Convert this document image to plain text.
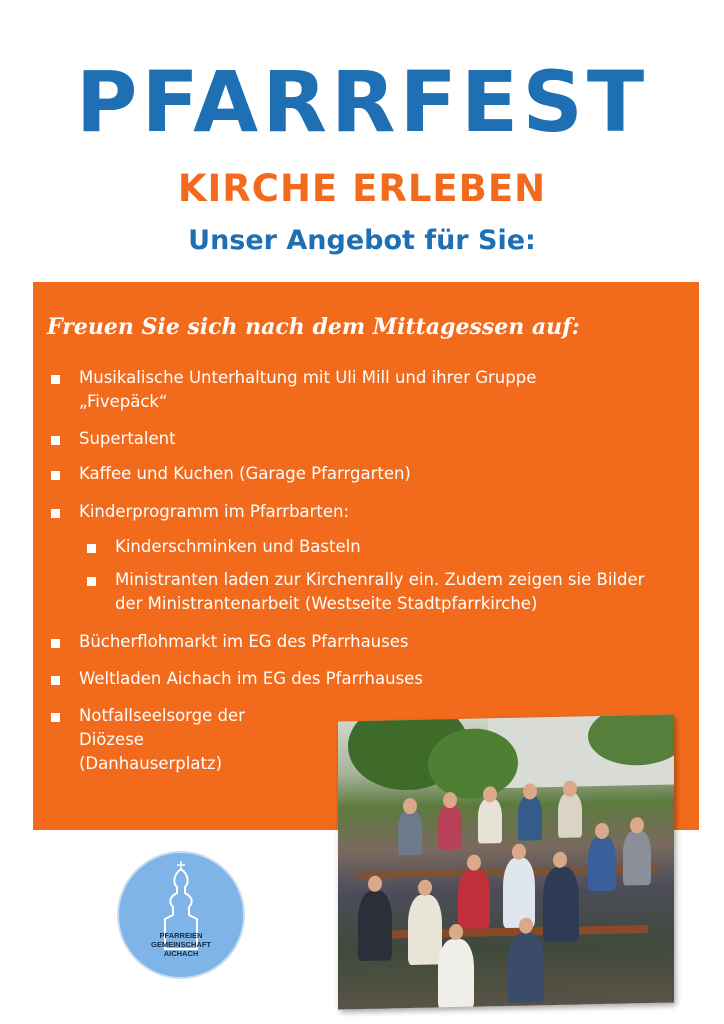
PFARRFEST
KIRCHE ERLEBEN
Unser Angebot für Sie:
Freuen Sie sich nach dem Mittagessen auf:
Musikalische Unterhaltung mit Uli Mill und ihrer Gruppe
„Fivepäck“
Supertalent
Kaffee und Kuchen (Garage Pfarrgarten)
Kinderprogramm im Pfarrbarten:
Kinderschminken und Basteln
Ministranten laden zur Kirchenrally ein. Zudem zeigen sie Bilder
der Ministrantenarbeit (Westseite Stadtpfarrkirche)
Bücherflohmarkt im EG des Pfarrhauses
Weltladen Aichach im EG des Pfarrhauses
Notfallseelsorge der
Diözese
(Danhauserplatz)
PFARREIEN
GEMEINSCHAFT
AICHACH
